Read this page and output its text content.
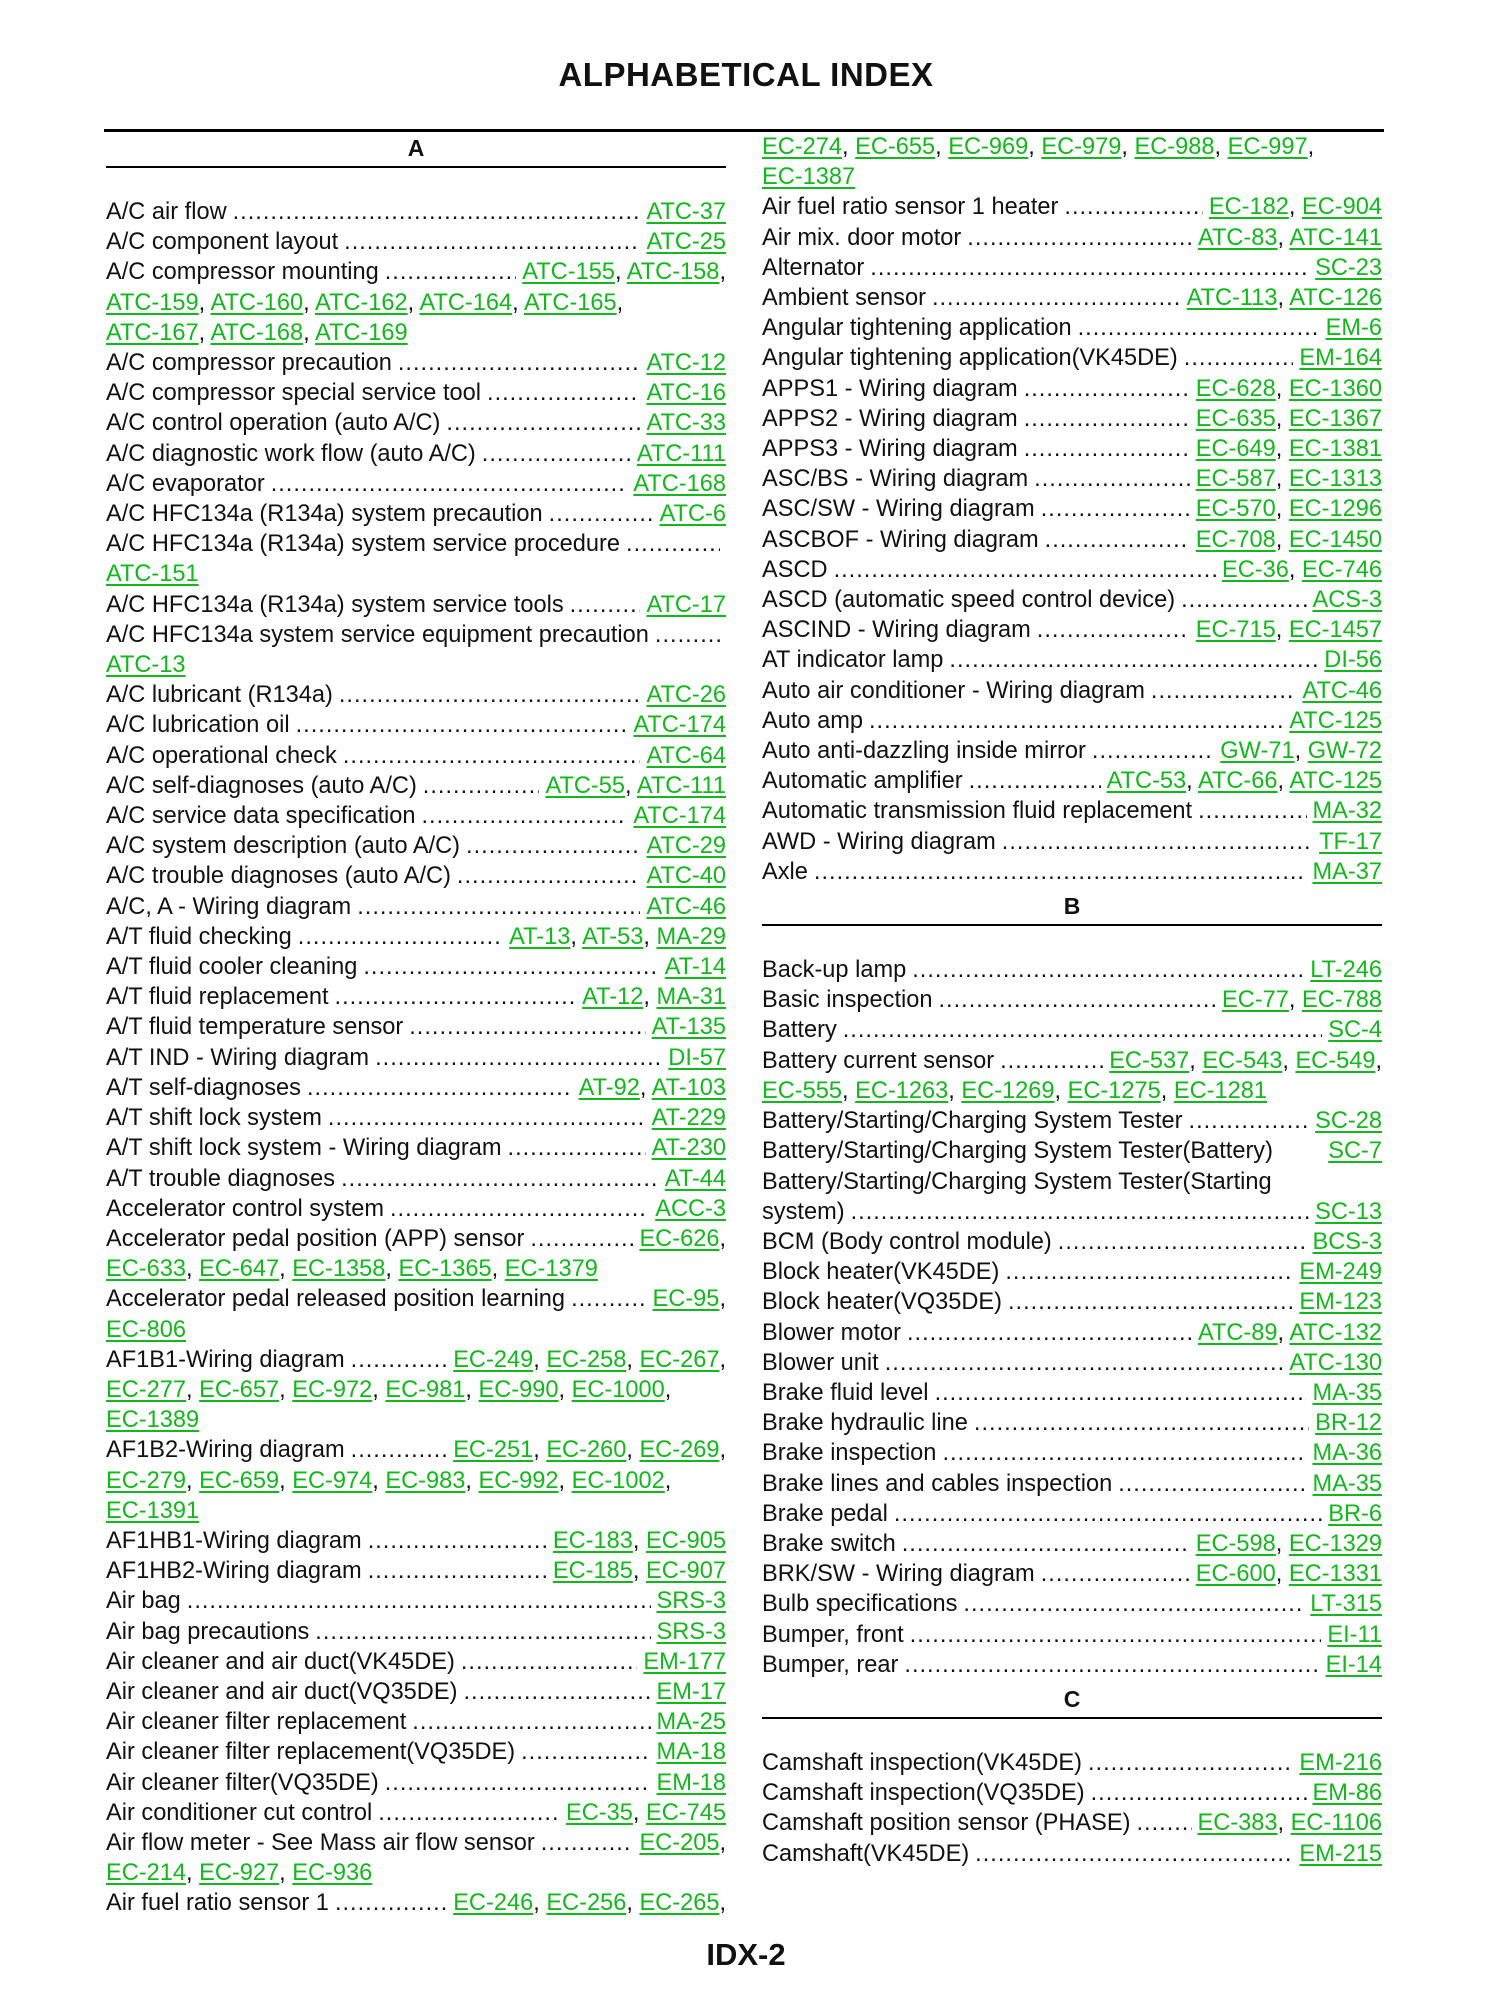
ALPHABETICAL INDEX
A
A/C air flow .....	ATC-37
A/C component layout .....	ATC-25
A/C compressor mounting .....	ATC-155, ATC-158,
ATC-159, ATC-160, ATC-162, ATC-164, ATC-165,
ATC-167, ATC-168, ATC-169
A/C compressor precaution .....	ATC-12
A/C compressor special service tool .....	ATC-16
A/C control operation (auto A/C) .....	ATC-33
A/C diagnostic work flow (auto A/C) .....	ATC-111
A/C evaporator .....	ATC-168
A/C HFC134a (R134a) system precaution .....	ATC-6
A/C HFC134a (R134a) system service procedure
.....
ATC-151
A/C HFC134a (R134a) system service tools .....	ATC-17
A/C HFC134a system service equipment precaution
.....
ATC-13
A/C lubricant (R134a) .....	ATC-26
A/C lubrication oil .....	ATC-174
A/C operational check .....	ATC-64
A/C self-diagnoses (auto A/C) .....	ATC-55, ATC-111
A/C service data specification .....	ATC-174
A/C system description (auto A/C) .....	ATC-29
A/C trouble diagnoses (auto A/C) .....	ATC-40
A/C, A - Wiring diagram .....	ATC-46
A/T fluid checking .....	AT-13, AT-53, MA-29
A/T fluid cooler cleaning .....	AT-14
A/T fluid replacement .....	AT-12, MA-31
A/T fluid temperature sensor .....	AT-135
A/T IND - Wiring diagram .....	DI-57
A/T self-diagnoses .....	AT-92, AT-103
A/T shift lock system .....	AT-229
A/T shift lock system - Wiring diagram .....	AT-230
A/T trouble diagnoses .....	AT-44
Accelerator control system .....	ACC-3
Accelerator pedal position (APP) sensor .....	EC-626,
EC-633, EC-647, EC-1358, EC-1365, EC-1379
Accelerator pedal released position learning .....	EC-95,
EC-806
AF1B1-Wiring diagram .....	EC-249, EC-258, EC-267,
EC-277, EC-657, EC-972, EC-981, EC-990, EC-1000,
EC-1389
AF1B2-Wiring diagram .....	EC-251, EC-260, EC-269,
EC-279, EC-659, EC-974, EC-983, EC-992, EC-1002,
EC-1391
AF1HB1-Wiring diagram .....	EC-183, EC-905
AF1HB2-Wiring diagram .....	EC-185, EC-907
Air bag .....	SRS-3
Air bag precautions .....	SRS-3
Air cleaner and air duct(VK45DE) .....	EM-177
Air cleaner and air duct(VQ35DE) .....	EM-17
Air cleaner filter replacement .....	MA-25
Air cleaner filter replacement(VQ35DE) .....	MA-18
Air cleaner filter(VQ35DE) .....	EM-18
Air conditioner cut control .....	EC-35, EC-745
Air flow meter - See Mass air flow sensor .....	EC-205,
EC-214, EC-927, EC-936
Air fuel ratio sensor 1 .....	EC-246, EC-256, EC-265,
EC-274, EC-655, EC-969, EC-979, EC-988, EC-997,
EC-1387
Air fuel ratio sensor 1 heater .....	EC-182, EC-904
Air mix. door motor .....	ATC-83, ATC-141
Alternator .....	SC-23
Ambient sensor .....	ATC-113, ATC-126
Angular tightening application .....	EM-6
Angular tightening application(VK45DE) .....	EM-164
APPS1 - Wiring diagram .....	EC-628, EC-1360
APPS2 - Wiring diagram .....	EC-635, EC-1367
APPS3 - Wiring diagram .....	EC-649, EC-1381
ASC/BS - Wiring diagram .....	EC-587, EC-1313
ASC/SW - Wiring diagram .....	EC-570, EC-1296
ASCBOF - Wiring diagram .....	EC-708, EC-1450
ASCD .....	EC-36, EC-746
ASCD (automatic speed control device) .....	ACS-3
ASCIND - Wiring diagram .....	EC-715, EC-1457
AT indicator lamp .....	DI-56
Auto air conditioner - Wiring diagram .....	ATC-46
Auto amp .....	ATC-125
Auto anti-dazzling inside mirror .....	GW-71, GW-72
Automatic amplifier .....	ATC-53, ATC-66, ATC-125
Automatic transmission fluid replacement .....	MA-32
AWD - Wiring diagram .....	TF-17
Axle .....	MA-37
B
Back-up lamp .....	LT-246
Basic inspection .....	EC-77, EC-788
Battery .....	SC-4
Battery current sensor .....	EC-537, EC-543, EC-549,
EC-555, EC-1263, EC-1269, EC-1275, EC-1281
Battery/Starting/Charging System Tester .....	SC-28
Battery/Starting/Charging System Tester(Battery) SC-7
Battery/Starting/Charging System Tester(Starting
system) .....	SC-13
BCM (Body control module) .....	BCS-3
Block heater(VK45DE) .....	EM-249
Block heater(VQ35DE) .....	EM-123
Blower motor .....	ATC-89, ATC-132
Blower unit .....	ATC-130
Brake fluid level .....	MA-35
Brake hydraulic line .....	BR-12
Brake inspection .....	MA-36
Brake lines and cables inspection .....	MA-35
Brake pedal .....	BR-6
Brake switch .....	EC-598, EC-1329
BRK/SW - Wiring diagram .....	EC-600, EC-1331
Bulb specifications .....	LT-315
Bumper, front .....	EI-11
Bumper, rear .....	EI-14
C
Camshaft inspection(VK45DE) .....	EM-216
Camshaft inspection(VQ35DE) .....	EM-86
Camshaft position sensor (PHASE) .....	EC-383, EC-1106
Camshaft(VK45DE) .....	EM-215
IDX-2
